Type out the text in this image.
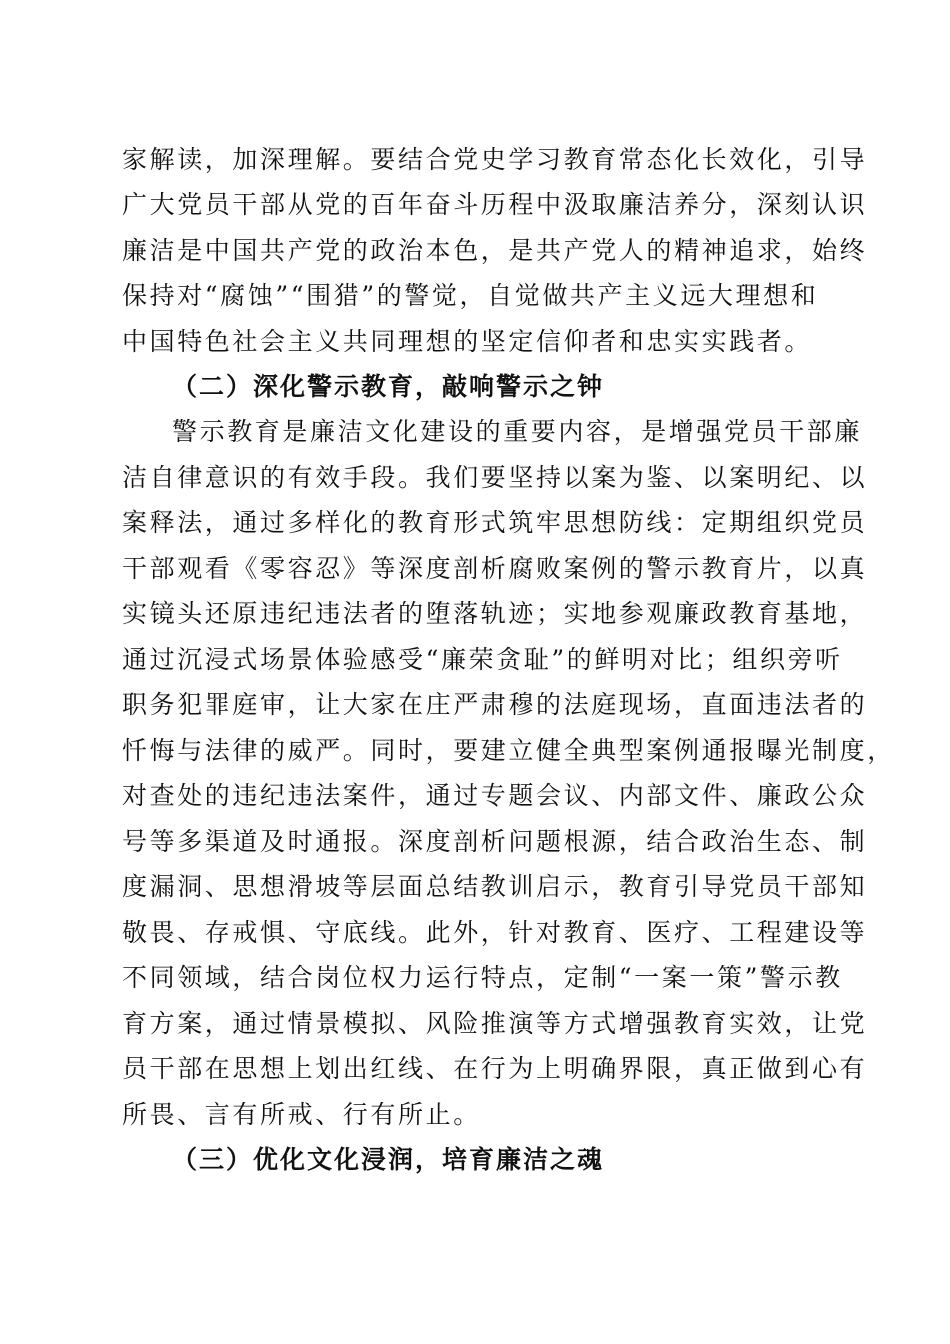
家解读，加深理解。要结合党史学习教育常态化长效化，引导
广大党员干部从党的百年奋斗历程中汲取廉洁养分，深刻认识
廉洁是中国共产党的政治本色，是共产党人的精神追求，始终
保持对“腐蚀”“围猎”的警觉，自觉做共产主义远大理想和
中国特色社会主义共同理想的坚定信仰者和忠实实践者。
（二）深化警示教育，敲响警示之钟
警示教育是廉洁文化建设的重要内容，是增强党员干部廉
洁自律意识的有效手段。我们要坚持以案为鉴、以案明纪、以
案释法，通过多样化的教育形式筑牢思想防线：定期组织党员
干部观看《零容忍》等深度剖析腐败案例的警示教育片，以真
实镜头还原违纪违法者的堕落轨迹；实地参观廉政教育基地，
通过沉浸式场景体验感受“廉荣贪耻”的鲜明对比；组织旁听
职务犯罪庭审，让大家在庄严肃穆的法庭现场，直面违法者的
忏悔与法律的威严。同时，要建立健全典型案例通报曝光制度，
对查处的违纪违法案件，通过专题会议、内部文件、廉政公众
号等多渠道及时通报。深度剖析问题根源，结合政治生态、制
度漏洞、思想滑坡等层面总结教训启示，教育引导党员干部知
敬畏、存戒惧、守底线。此外，针对教育、医疗、工程建设等
不同领域，结合岗位权力运行特点，定制“一案一策”警示教
育方案，通过情景模拟、风险推演等方式增强教育实效，让党
员干部在思想上划出红线、在行为上明确界限，真正做到心有
所畏、言有所戒、行有所止。
（三）优化文化浸润，培育廉洁之魂
